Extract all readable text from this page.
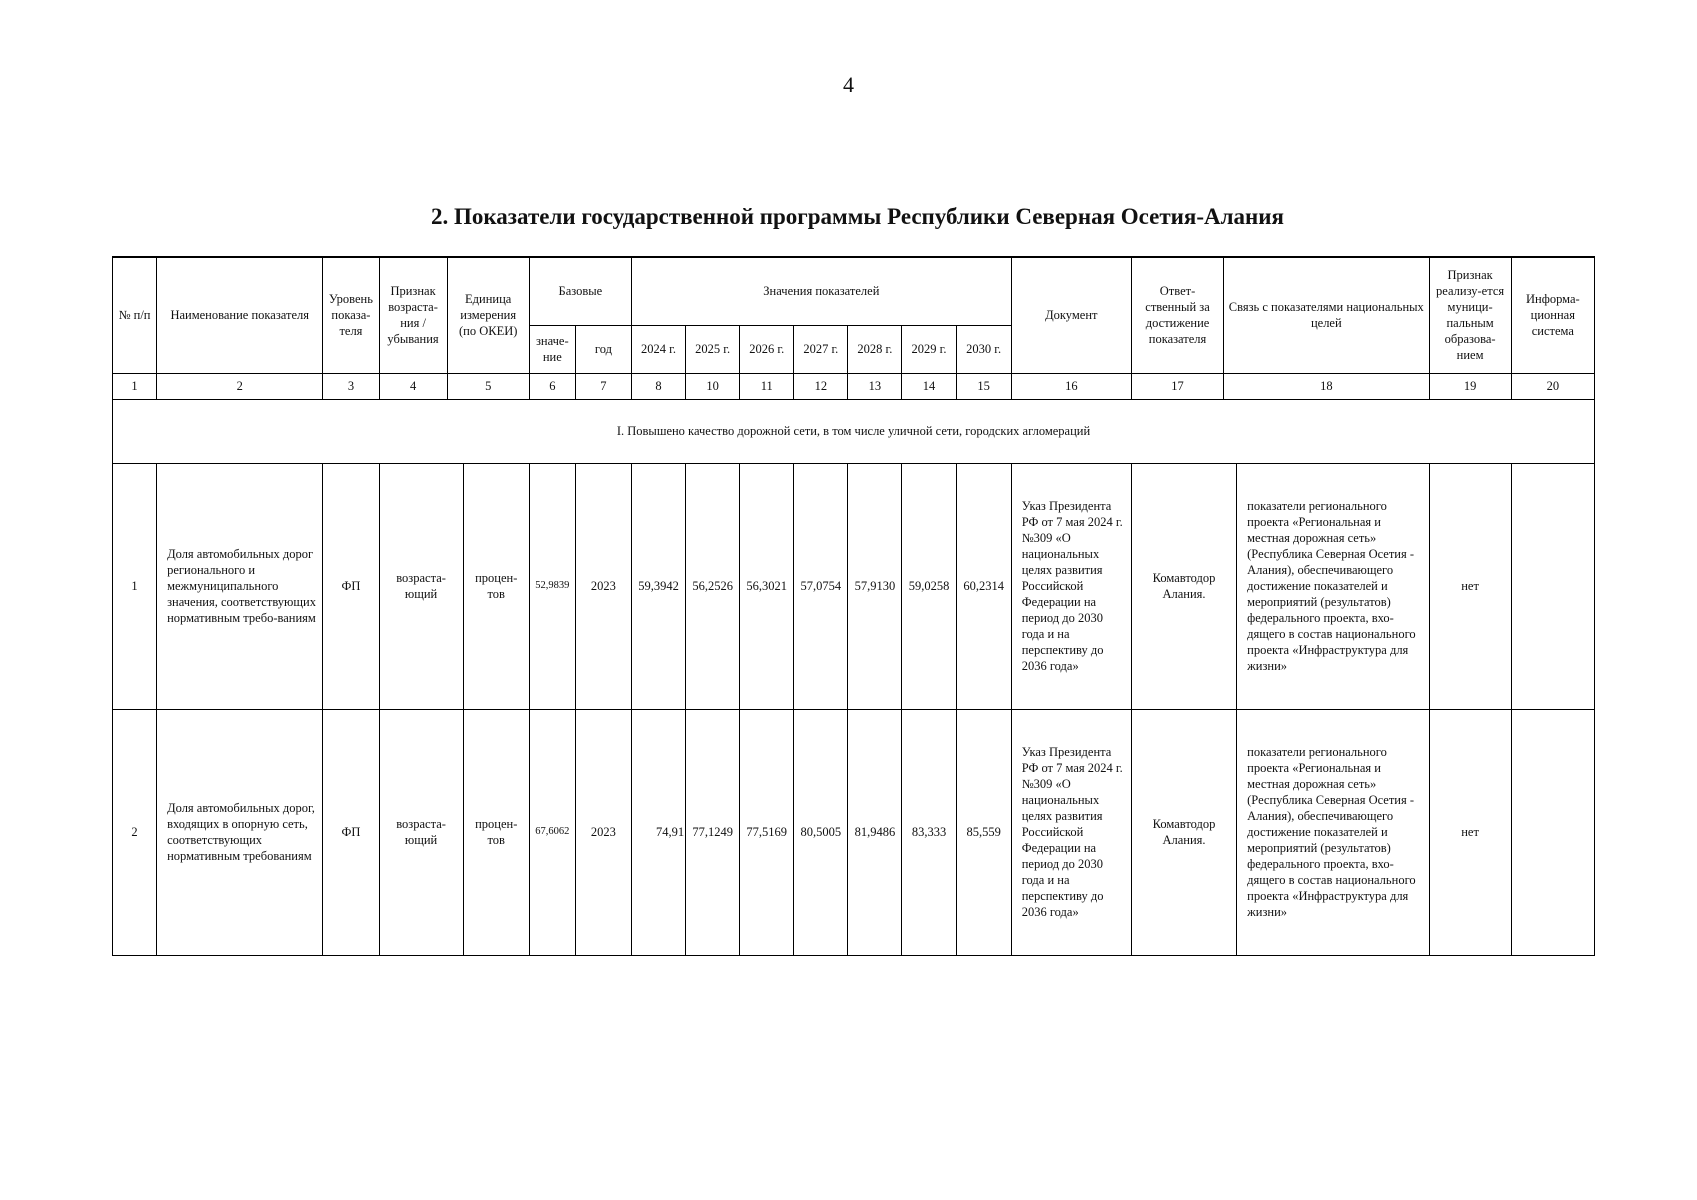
4
2. Показатели государственной программы Республики Северная Осетия-Алания
№ п/п	Наименование показателя	Уровень показа-теля	Признак возраста-ния / убывания	Единица измерения (по ОКЕИ)		Базовые		Значения показателей							Документ	Ответ-ственный за достижение показателя	Связь с показателями национальных целей		Признак реализу-ется муници-пальным образова-нием	Информа-ционная система
						значе-ние	год	2024 г.	2025 г.	2026 г.	2027 г.	2028 г.	2029 г.	2030 г.						
1	2	3	4	5		6	7	8	10	11	12	13	14	15	16	17	18		19	20
I. Повышено качество дорожной сети, в том числе уличной сети, городских агломераций																				
1	Доля автомобильных дорог регионального и межмуниципального значения, соответствующих нормативным требо-ваниям	ФП	возраста-ющий		процен-тов	52,9839	2023	59,3942	56,2526	56,3021	57,0754	57,9130	59,0258	60,2314	Указ Президента РФ от 7 мая 2024 г. №309 «О национальных целях развития Российской Федерации на период до 2030 года и на перспективу до 2036 года»	Комавтодор Алания.		показатели регионального проекта «Региональная и местная дорожная сеть» (Республика Северная Осетия - Алания), обеспечивающего достижение показателей и мероприятий (результатов) федерального проекта, вхо-дящего в состав национального проекта «Инфраструктура для жизни»	нет	
2	Доля автомобильных дорог, входящих в опорную сеть, соответствующих нормативным требованиям	ФП	возраста-ющий		процен-тов	67,6062	2023	74,91	77,1249	77,5169	80,5005	81,9486	83,333	85,559	Указ Президента РФ от 7 мая 2024 г. №309 «О национальных целях развития Российской Федерации на период до 2030 года и на перспективу до 2036 года»	Комавтодор Алания.		показатели регионального проекта «Региональная и местная дорожная сеть» (Республика Северная Осетия - Алания), обеспечивающего достижение показателей и мероприятий (результатов) федерального проекта, вхо-дящего в состав национального проекта «Инфраструктура для жизни»	нет	
